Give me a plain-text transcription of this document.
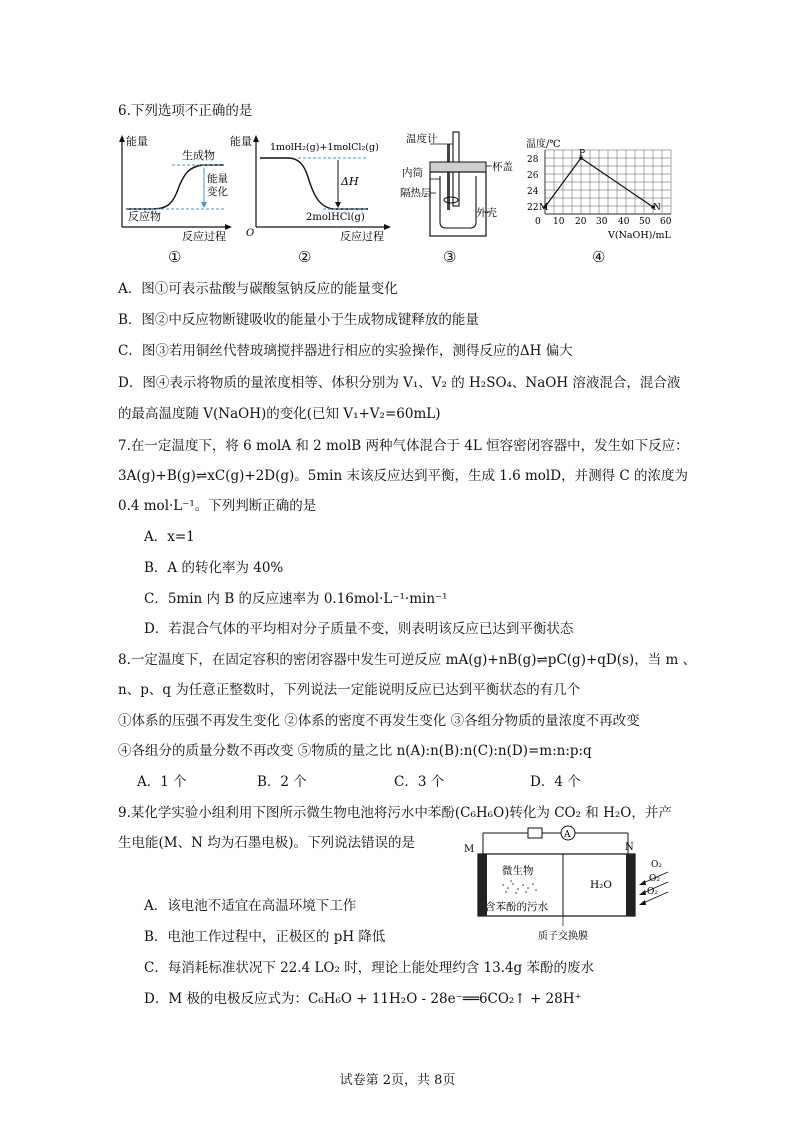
6.下列选项不正确的是
能量
生成物
能量
变化
反应物
反应过程
①
能量 1molH₂(g)+1molCl₂(g)
ΔH
2molHCl(g)
O	反应过程
②
温度计
杯盖
内筒
隔热层
外壳
③
温度/℃
M
P
N
28
26
24
22
0 10 20 30 40 50 60
V(NaOH)/mL
④
A．图①可表示盐酸与碳酸氢钠反应的能量变化
B．图②中反应物断键吸收的能量小于生成物成键释放的能量
C．图③若用铜丝代替玻璃搅拌器进行相应的实验操作，测得反应的ΔH 偏大
D．图④表示将物质的量浓度相等、体积分别为 V₁、V₂ 的 H₂SO₄、NaOH 溶液混合，混合液
的最高温度随 V(NaOH)的变化(已知 V₁+V₂=60mL)
7.在一定温度下，将 6 molA 和 2 molB 两种气体混合于 4L 恒容密闭容器中，发生如下反应：
3A(g)+B(g)⇌xC(g)+2D(g)。5min 末该反应达到平衡，生成 1.6 molD，并测得 C 的浓度为
0.4 mol·L⁻¹。下列判断正确的是
A．x=1
B．A 的转化率为 40%
C．5min 内 B 的反应速率为 0.16mol·L⁻¹·min⁻¹
D．若混合气体的平均相对分子质量不变，则表明该反应已达到平衡状态
8.一定温度下，在固定容积的密闭容器中发生可逆反应 mA(g)+nB(g)⇌pC(g)+qD(s)，当 m 、
n、p、q 为任意正整数时，下列说法一定能说明反应已达到平衡状态的有几个
①体系的压强不再发生变化 ②体系的密度不再发生变化 ③各组分物质的量浓度不再改变
④各组分的质量分数不再改变 ⑤物质的量之比 n(A):n(B):n(C):n(D)=m:n:p:q
A．1 个	B．2 个	C．3 个	D．4 个
9.某化学实验小组利用下图所示微生物电池将污水中苯酚(C₆H₆O)转化为 CO₂ 和 H₂O，并产
生电能(M、N 均为石墨电极)。下列说法错误的是	A
M	N
微生物
H₂O
含苯酚的污水
质子交换膜
O₂
O₂
O₂
A．该电池不适宜在高温环境下工作
B．电池工作过程中，正极区的 pH 降低
C．每消耗标准状况下 22.4 LO₂ 时，理论上能处理约含 13.4g 苯酚的废水
D．M 极的电极反应式为：C₆H₆O + 11H₂O - 28e⁻══6CO₂↑ + 28H⁺
试卷第 2页，共 8页
